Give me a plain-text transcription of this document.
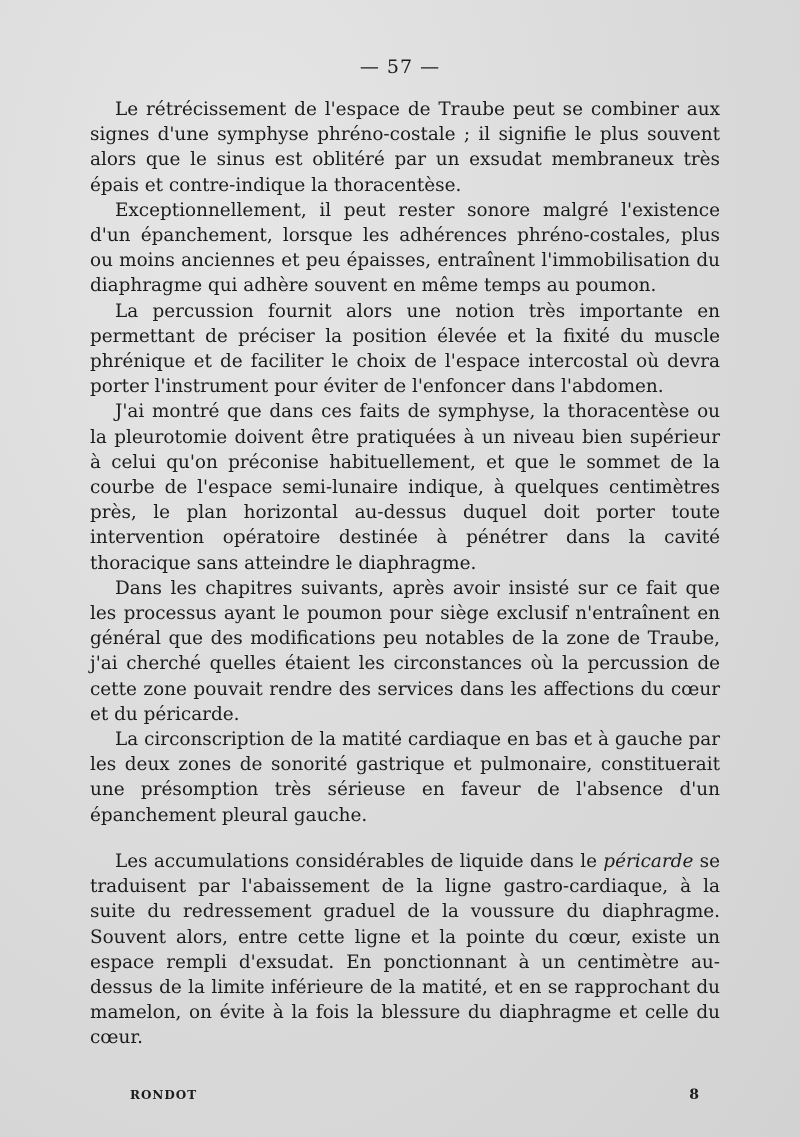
— 57 —

Le rétrécissement de l'espace de Traube peut se combiner aux signes d'une symphyse phréno-costale ; il signifie le plus souvent alors que le sinus est oblitéré par un exsudat membraneux très épais et contre-indique la thoracentèse.

Exceptionnellement, il peut rester sonore malgré l'existence d'un épanchement, lorsque les adhérences phréno-costales, plus ou moins anciennes et peu épaisses, entraînent l'immobilisation du diaphragme qui adhère souvent en même temps au poumon.

La percussion fournit alors une notion très importante en permettant de préciser la position élevée et la fixité du muscle phrénique et de faciliter le choix de l'espace intercostal où devra porter l'instrument pour éviter de l'enfoncer dans l'abdomen.

J'ai montré que dans ces faits de symphyse, la thoracentèse ou la pleurotomie doivent être pratiquées à un niveau bien supérieur à celui qu'on préconise habituellement, et que le sommet de la courbe de l'espace semi-lunaire indique, à quelques centimètres près, le plan horizontal au-dessus duquel doit porter toute intervention opératoire destinée à pénétrer dans la cavité thoracique sans atteindre le diaphragme.

Dans les chapitres suivants, après avoir insisté sur ce fait que les processus ayant le poumon pour siège exclusif n'entraînent en général que des modifications peu notables de la zone de Traube, j'ai cherché quelles étaient les circonstances où la percussion de cette zone pouvait rendre des services dans les affections du cœur et du péricarde.

La circonscription de la matité cardiaque en bas et à gauche par les deux zones de sonorité gastrique et pulmonaire, constituerait une présomption très sérieuse en faveur de l'absence d'un épanchement pleural gauche.

Les accumulations considérables de liquide dans le péricarde se traduisent par l'abaissement de la ligne gastro-cardiaque, à la suite du redressement graduel de la voussure du diaphragme. Souvent alors, entre cette ligne et la pointe du cœur, existe un espace rempli d'exsudat. En ponctionnant à un centimètre au-dessus de la limite inférieure de la matité, et en se rapprochant du mamelon, on évite à la fois la blessure du diaphragme et celle du cœur.

RONDOT	8
